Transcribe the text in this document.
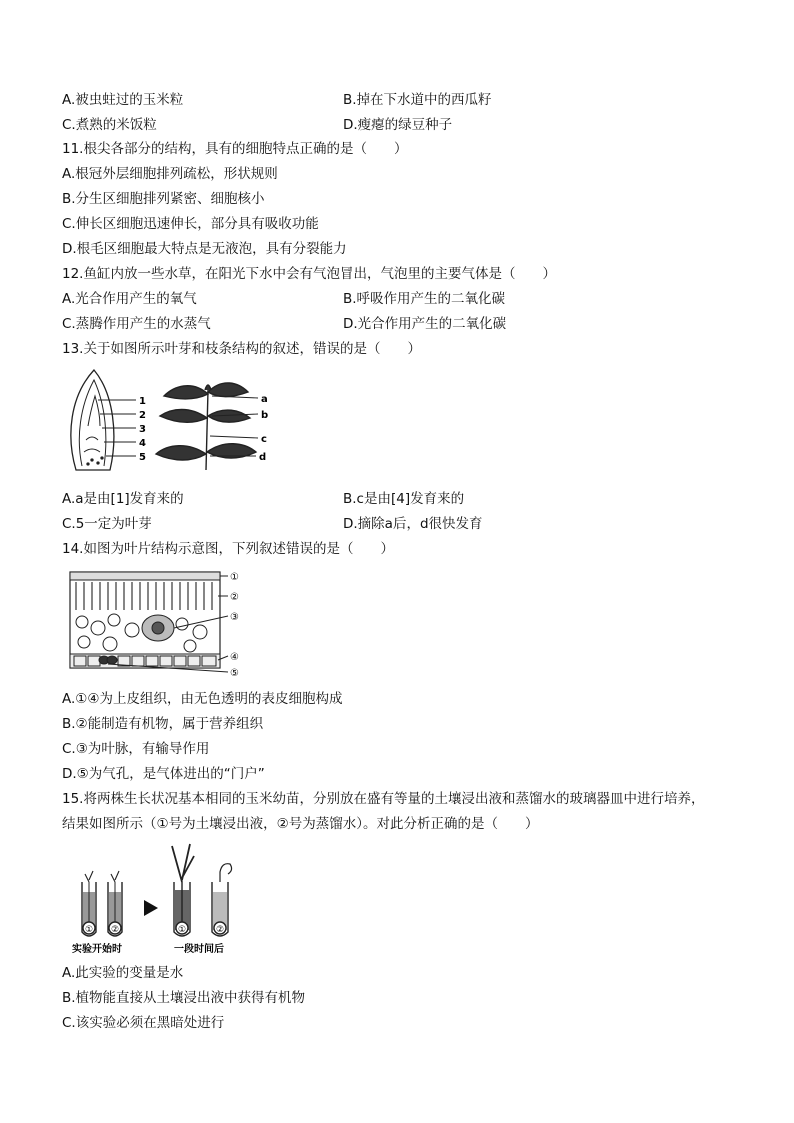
A.被虫蛀过的玉米粒	B.掉在下水道中的西瓜籽
C.煮熟的米饭粒	D.瘦瘪的绿豆种子
11.根尖各部分的结构，具有的细胞特点正确的是（　　）
A.根冠外层细胞排列疏松，形状规则
B.分生区细胞排列紧密、细胞核小
C.伸长区细胞迅速伸长，部分具有吸收功能
D.根毛区细胞最大特点是无液泡，具有分裂能力
12.鱼缸内放一些水草，在阳光下水中会有气泡冒出，气泡里的主要气体是（　　）
A.光合作用产生的氧气	B.呼吸作用产生的二氧化碳
C.蒸腾作用产生的水蒸气	D.光合作用产生的二氧化碳
13.关于如图所示叶芽和枝条结构的叙述，错误的是（　　）
1
2
3
4
5
a
b
c
d
A.a是由[1]发育来的	B.c是由[4]发育来的
C.5一定为叶芽	D.摘除a后，d很快发育
14.如图为叶片结构示意图，下列叙述错误的是（　　）
①
②
③
④
⑤
A.①④为上皮组织，由无色透明的表皮细胞构成
B.②能制造有机物，属于营养组织
C.③为叶脉，有输导作用
D.⑤为气孔，是气体进出的“门户”
15.将两株生长状况基本相同的玉米幼苗，分别放在盛有等量的土壤浸出液和蒸馏水的玻璃器皿中进行培养，
结果如图所示（①号为土壤浸出液，②号为蒸馏水）。对此分析正确的是（　　）
① ②	①	②
实验开始时	一段时间后
A.此实验的变量是水
B.植物能直接从土壤浸出液中获得有机物
C.该实验必须在黑暗处进行
